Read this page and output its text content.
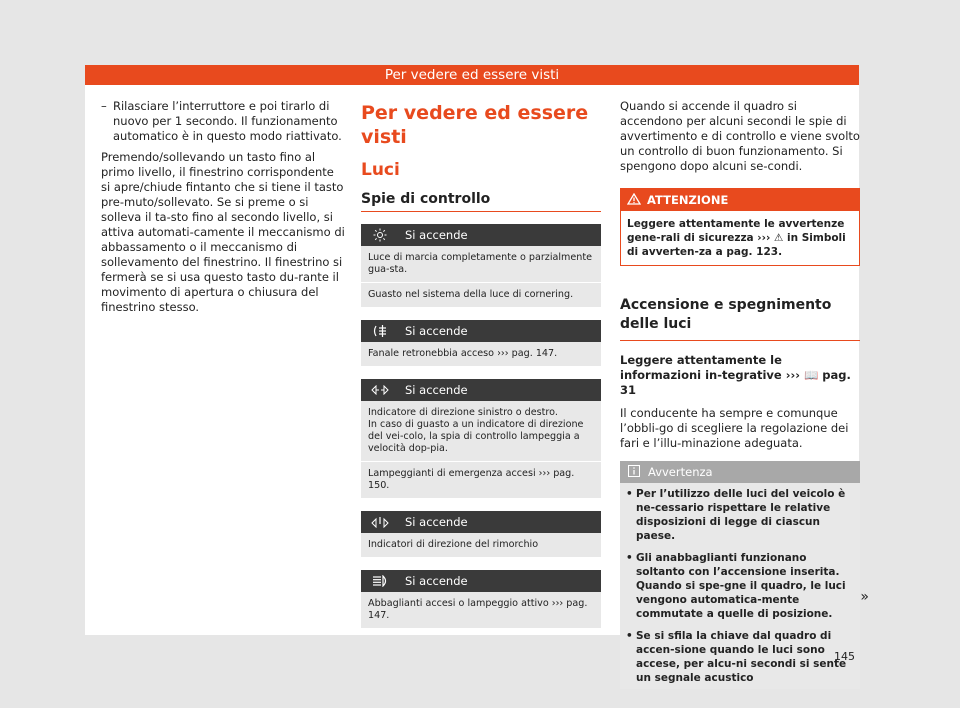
Per vedere ed essere visti
– Rilasciare l’interruttore e poi tirarlo di nuovo per 1 secondo. Il funzionamento automatico è in questo modo riattivato.

Premendo/sollevando un tasto fino al primo livello, il finestrino corrispondente si apre/chiude fintanto che si tiene il tasto pre-muto/sollevato. Se si preme o si solleva il ta-sto fino al secondo livello, si attiva automati-camente il meccanismo di abbassamento o il meccanismo di sollevamento del finestrino. Il finestrino si fermerà se si usa questo tasto du-rante il movimento di apertura o chiusura del finestrino stesso.

Per vedere ed essere visti
Luci
Spie di controllo
Si accende
Luce di marcia completamente o parzialmente gua-sta.
Guasto nel sistema della luce di cornering.
Si accende
Fanale retronebbia acceso ››› pag. 147.
Si accende
Indicatore di direzione sinistro o destro.
In caso di guasto a un indicatore di direzione del vei-colo, la spia di controllo lampeggia a velocità dop-pia.
Lampeggianti di emergenza accesi ››› pag. 150.
Si accende
Indicatori di direzione del rimorchio
Si accende
Abbaglianti accesi o lampeggio attivo ››› pag. 147.

Quando si accende il quadro si accendono per alcuni secondi le spie di avvertimento e di controllo e viene svolto un controllo di buon funzionamento. Si spengono dopo alcuni se-condi.

ATTENZIONE
Leggere attentamente le avvertenze gene-rali di sicurezza ››› ⚠ in Simboli di avverten-za a pag. 123.
Accensione e spegnimento delle luci

Leggere attentamente le informazioni in-tegrative ››› 📖 pag. 31

Il conducente ha sempre e comunque l’obbli-go di scegliere la regolazione dei fari e l’illu-minazione adeguata.

Avvertenza
• Per l’utilizzo delle luci del veicolo è ne-cessario rispettare le relative disposizioni di legge di ciascun paese.
• Gli anabbaglianti funzionano soltanto con l’accensione inserita. Quando si spe-gne il quadro, le luci vengono automatica-mente commutate a quelle di posizione.
• Se si sfila la chiave dal quadro di accen-sione quando le luci sono accese, per alcu-ni secondi si sente un segnale acustico
»
145
